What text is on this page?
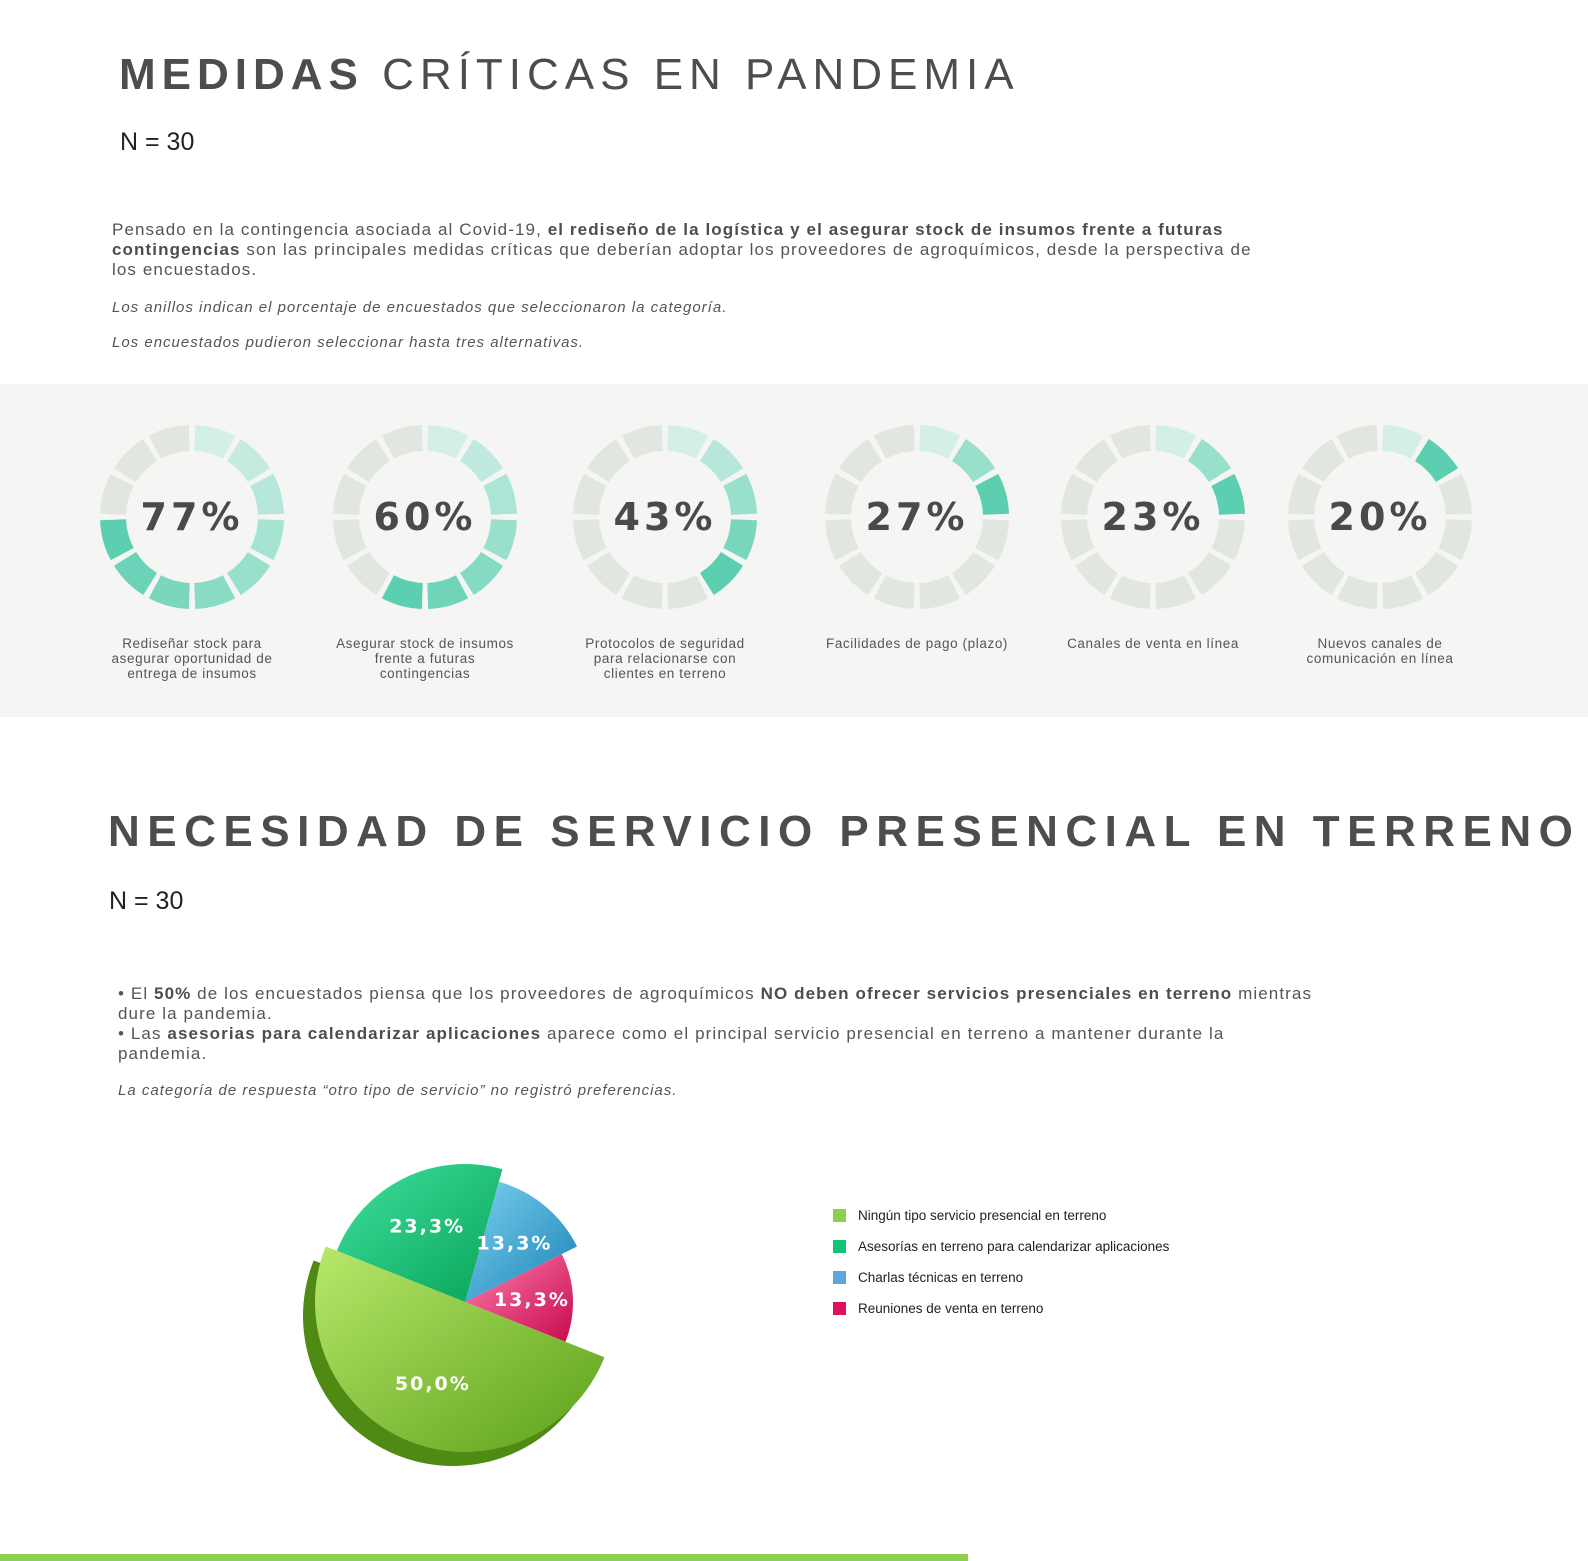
MEDIDAS CRÍTICAS EN PANDEMIA
N = 30
Pensado en la contingencia asociada al Covid-19, el rediseño de la logística y el asegurar stock de insumos frente a futuras contingencias son las principales medidas críticas que deberían adoptar los proveedores de agroquímicos, desde la perspectiva de los encuestados.
Los anillos indican el porcentaje de encuestados que seleccionaron la categoría.
Los encuestados pudieron seleccionar hasta tres alternativas.
77%	60%	43%	27%	23%	20%
Rediseñar stock para asegurar oportunidad de entrega de insumos
Asegurar stock de insumos frente a futuras contingencias
Protocolos de seguridad para relacionarse con clientes en terreno
Facilidades de pago (plazo)	Canales de venta en línea	Nuevos canales de comunicación en línea
NECESIDAD DE SERVICIO PRESENCIAL EN TERRENO
N = 30
• El 50% de los encuestados piensa que los proveedores de agroquímicos NO deben ofrecer servicios presenciales en terreno mientras dure la pandemia.
• Las asesorias para calendarizar aplicaciones aparece como el principal servicio presencial en terreno a mantener durante la pandemia.
La categoría de respuesta “otro tipo de servicio” no registró preferencias.
50,0%
23,3%
13,3%
13,3%
Ningún tipo servicio presencial en terreno
Asesorías en terreno para calendarizar aplicaciones
Charlas técnicas en terreno
Reuniones de venta en terreno
